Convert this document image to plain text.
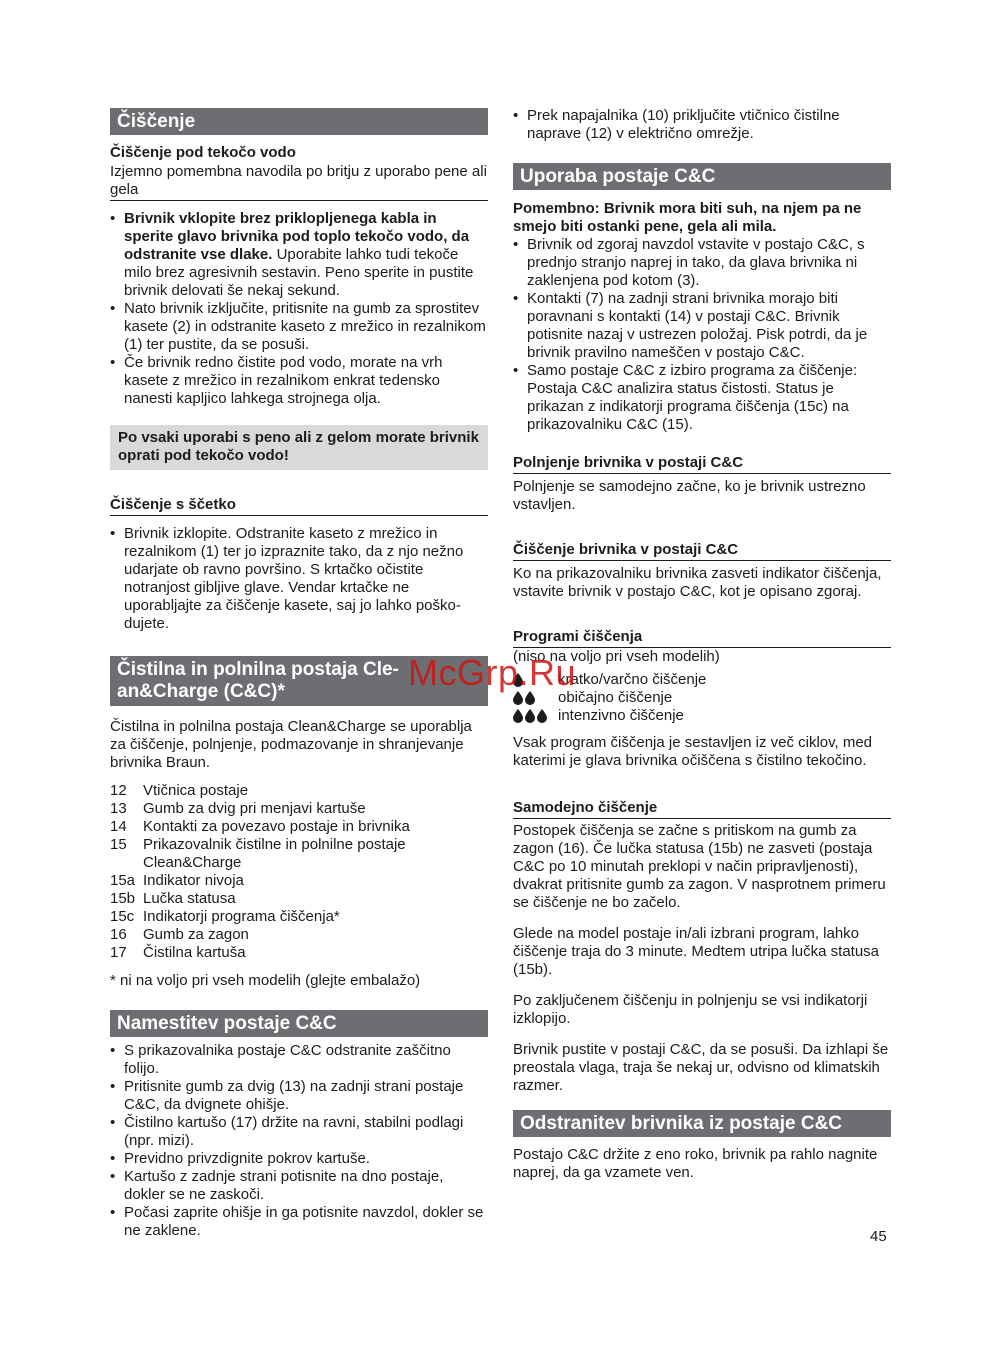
Čiščenje
Čiščenje pod tekočo vodo

Izjemno pomembna navodila po britju z uporabo pene ali gela

• Brivnik vklopite brez priklopljenega kabla in sperite glavo brivnika pod toplo tekočo vodo, da odstranite vse dlake. Uporabite lahko tudi tekoče milo brez agresivnih sestavin. Peno sperite in pustite brivnik delovati še nekaj sekund.

• Nato brivnik izklјučite, pritisnite na gumb za sprostitev kasete (2) in odstranite kaseto z mrežico in rezalnikom (1) ter pustite, da se posuši.

• Če brivnik redno čistite pod vodo, morate na vrh kasete z mrežico in rezalnikom enkrat tedensko nanesti kapljico lahkega strojnega olja.

Po vsaki uporabi s peno ali z gelom morate brivnik oprati pod tekočo vodo!
Čiščenje s ščetko

• Brivnik izklopite. Odstranite kaseto z mrežico in rezalnikom (1) ter jo izpraznite tako, da z njo nežno udarjate ob ravno površino. S krtačko očistite notranjost gibljive glave. Vendar krtačke ne uporabljajte za čiščenje kasete, saj jo lahko poško-dujete.

Čistilna in polnilna postaja Cle-
an&Charge (C&C)*

Čistilna in polnilna postaja Clean&Charge se uporablja za čiščenje, polnjenje, podmazovanje in shranjevanje brivnika Braun.

12	Vtičnica postaje
13	Gumb za dvig pri menjavi kartuše
14	Kontakti za povezavo postaje in brivnika
15	Prikazovalnik čistilne in polnilne postaje Clean&Charge
15a Indikator nivoja
15b Lučka statusa
15c Indikatorji programa čiščenja*
16	Gumb za zagon
17	Čistilna kartuša

* ni na voljo pri vseh modelih (glejte embalažo)

Namestitev postaje C&C

• S prikazovalnika postaje C&C odstranite zaščitno folijo.

• Pritisnite gumb za dvig (13) na zadnji strani postaje C&C, da dvignete ohišje.

• Čistilno kartušo (17) držite na ravni, stabilni podlagi (npr. mizi).

• Previdno privzdignite pokrov kartuše.

• Kartušo z zadnje strani potisnite na dno postaje, dokler se ne zaskoči.

• Počasi zaprite ohišje in ga potisnite navzdol, dokler se ne zaklene.

• Prek napajalnika (10) priključite vtičnico čistilne naprave (12) v električno omrežje.

Uporaba postaje C&C

Pomembno: Brivnik mora biti suh, na njem pa ne smejo biti ostanki pene, gela ali mila.

• Brivnik od zgoraj navzdol vstavite v postajo C&C, s prednjo stranjo naprej in tako, da glava brivnika ni zaklenjena pod kotom (3).

• Kontakti (7) na zadnji strani brivnika morajo biti poravnani s kontakti (14) v postaji C&C. Brivnik potisnite nazaj v ustrezen položaj. Pisk potrdi, da je brivnik pravilno nameščen v postajo C&C.

• Samo postaje C&C z izbiro programa za čiščenje: Postaja C&C analizira status čistosti. Status je prikazan z indikatorji programa čiščenja (15c) na prikazovalniku C&C (15).

Polnjenje brivnika v postaji C&C

Polnjenje se samodejno začne, ko je brivnik ustrezno vstavljen.

Čiščenje brivnika v postaji C&C

Ko na prikazovalniku brivnika zasveti indikator čiščenja, vstavite brivnik v postajo C&C, kot je opisano zgoraj.

Programi čiščenja

(niso na voljo pri vseh modelih)

kratko/varčno čiščenje
običajno čiščenje
intenzivno čiščenje

Vsak program čiščenja je sestavljen iz več ciklov, med katerimi je glava brivnika očiščena s čistilno tekočino.

Samodejno čiščenje

Postopek čiščenja se začne s pritiskom na gumb za zagon (16). Če lučka statusa (15b) ne zasveti (postaja C&C po 10 minutah preklopi v način pripravljenosti), dvakrat pritisnite gumb za zagon. V nasprotnem primeru se čiščenje ne bo začelo.

Glede na model postaje in/ali izbrani program, lahko čiščenje traja do 3 minute. Medtem utripa lučka statusa (15b).

Po zaključenem čiščenju in polnjenju se vsi indikatorji izklopijo.

Brivnik pustite v postaji C&C, da se posuši. Da izhlapi še preostala vlaga, traja še nekaj ur, odvisno od klimatskih razmer.

Odstranitev brivnika iz postaje C&C

Postajo C&C držite z eno roko, brivnik pa rahlo nagnite naprej, da ga vzamete ven.

45
McGrp.Ru
